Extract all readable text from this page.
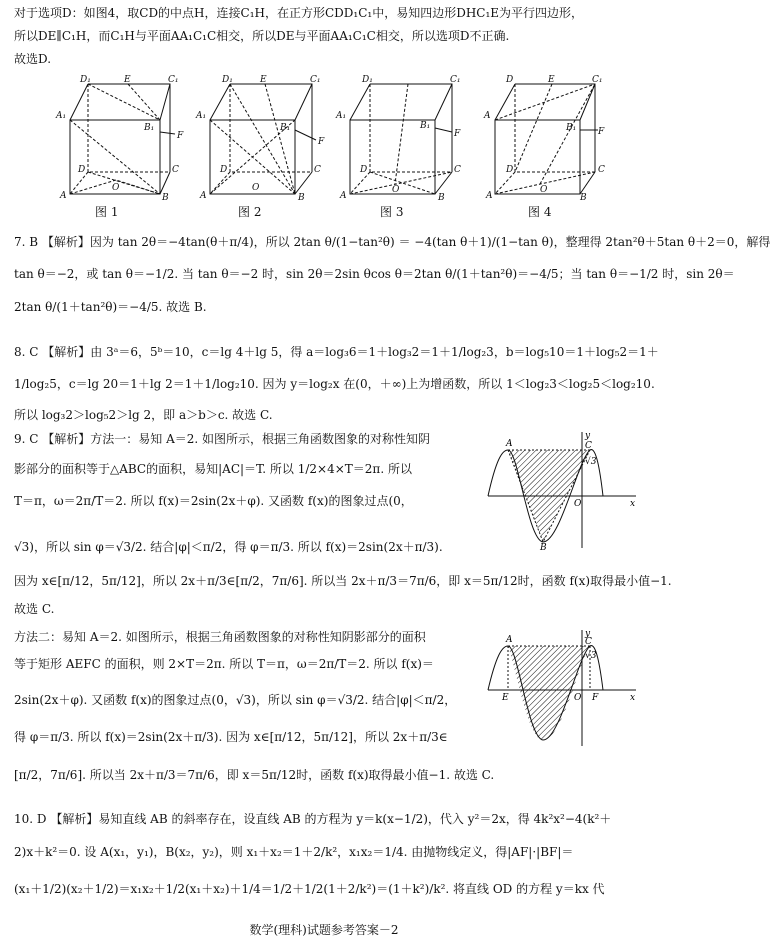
对于选项D：如图4，取CD的中点H，连接C₁H，在正方形CDD₁C₁中，易知四边形DHC₁E为平行四边形，
所以DE∥C₁H，而C₁H与平面AA₁C₁C相交，所以DE与平面AA₁C₁C相交，所以选项D不正确.
故选D.
D₁	E	C₁
A₁
B₁
F
D	C
A
O
B
D₁	E	C₁
A₁
B₁
F
D	C
A
O
B
D₁	C₁
A₁
B₁
F
D	C
A
O
B
D	E	C₁
A
B₁ F
D	C
A
O
B
图 1	图 2	图 3	图 4
7. B 【解析】因为 tan 2θ＝−4tan(θ＋π/4)，所以 2tan θ/(1−tan²θ) ＝ −4(tan θ＋1)/(1−tan θ)，整理得 2tan²θ＋5tan θ＋2＝0，解得
tan θ＝−2，或 tan θ＝−1/2. 当 tan θ＝−2 时，sin 2θ＝2sin θcos θ＝2tan θ/(1＋tan²θ)＝−4/5；当 tan θ＝−1/2 时，sin 2θ＝
2tan θ/(1＋tan²θ)＝−4/5. 故选 B.
8. C 【解析】由 3ᵃ＝6，5ᵇ＝10，c＝lg 4＋lg 5，得 a＝log₃6＝1＋log₃2＝1＋1/log₂3，b＝log₅10＝1＋log₅2＝1＋
1/log₂5，c＝lg 20＝1＋lg 2＝1＋1/log₂10. 因为 y＝log₂x 在(0，＋∞)上为增函数，所以 1＜log₂3＜log₂5＜log₂10.
所以 log₃2＞log₅2＞lg 2，即 a＞b＞c. 故选 C.
9. C 【解析】方法一：易知 A＝2. 如图所示，根据三角函数图象的对称性知阴
影部分的面积等于△ABC的面积，易知|AC|＝T. 所以 1/2×4×T＝2π. 所以
T＝π，ω＝2π/T＝2. 所以 f(x)＝2sin(2x＋φ). 又函数 f(x)的图象过点(0，
√3)，所以 sin φ＝√3/2. 结合|φ|＜π/2，得 φ＝π/3. 所以 f(x)＝2sin(2x＋π/3).
因为 x∈[π/12，5π/12]，所以 2x＋π/3∈[π/2，7π/6]. 所以当 2x＋π/3＝7π/6，即 x＝5π/12时，函数 f(x)取得最小值−1.
故选 C.
方法二：易知 A＝2. 如图所示，根据三角函数图象的对称性知阴影部分的面积
等于矩形 AEFC 的面积，则 2×T＝2π. 所以 T＝π，ω＝2π/T＝2. 所以 f(x)＝
2sin(2x＋φ). 又函数 f(x)的图象过点(0，√3)，所以 sin φ＝√3/2. 结合|φ|＜π/2，
得 φ＝π/3. 所以 f(x)＝2sin(2x＋π/3). 因为 x∈[π/12，5π/12]，所以 2x＋π/3∈
[π/2，7π/6]. 所以当 2x＋π/3＝7π/6，即 x＝5π/12时，函数 f(x)取得最小值−1. 故选 C.
y
x
A
B
C
O
√3
y
x
A	C
E	F
O
√3
10. D 【解析】易知直线 AB 的斜率存在，设直线 AB 的方程为 y＝k(x−1/2)，代入 y²＝2x，得 4k²x²−4(k²＋
2)x＋k²＝0. 设 A(x₁，y₁)，B(x₂，y₂)，则 x₁＋x₂＝1＋2/k²，x₁x₂＝1/4. 由抛物线定义，得|AF|·|BF|＝
(x₁＋1/2)(x₂＋1/2)＝x₁x₂＋1/2(x₁＋x₂)＋1/4＝1/2＋1/2(1＋2/k²)＝(1＋k²)/k². 将直线 OD 的方程 y＝kx 代
数学(理科)试题参考答案－2
